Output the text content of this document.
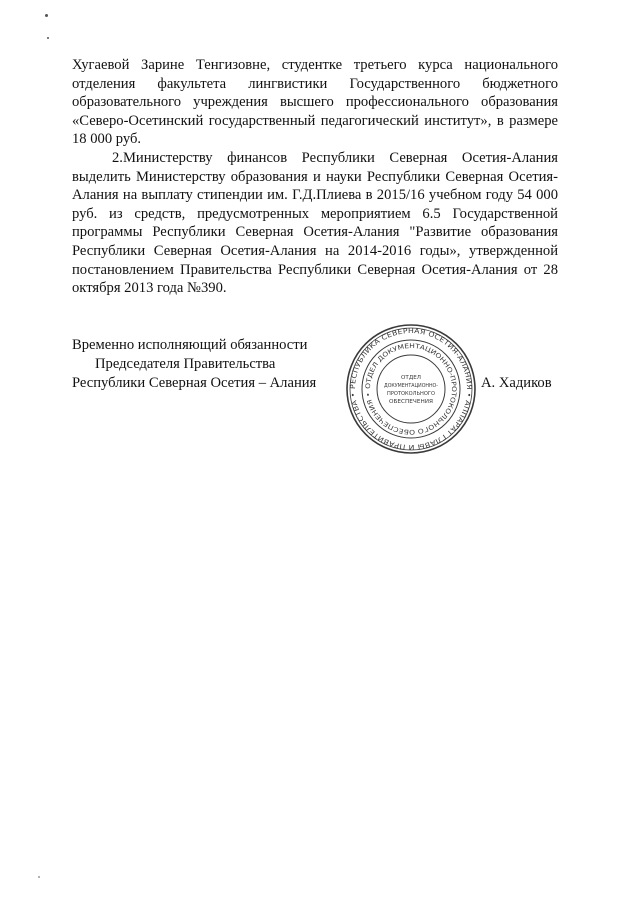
Хугаевой Зарине Тенгизовне, студентке третьего курса национального отделения факультета лингвистики Государственного бюджетного образовательного учреждения высшего профессионального образования «Северо-Осетинский государственный педагогический институт», в размере 18 000 руб.

2.Министерству финансов Республики Северная Осетия-Алания выделить Министерству образования и науки Республики Северная Осетия-Алания на выплату стипендии им. Г.Д.Плиева в 2015/16 учебном году 54 000 руб. из средств, предусмотренных мероприятием 6.5 Государственной программы Республики Северная Осетия-Алания "Развитие образования Республики Северная Осетия-Алания на 2014-2016 годы», утвержденной постановлением Правительства Республики Северная Осетия-Алания от 28 октября 2013 года №390.

Временно исполняющий обязанности
Председателя Правительства
Республики Северная Осетия – Алания	А. Хадиков
РЕСПУБЛИКА СЕВЕРНАЯ ОСЕТИЯ-АЛАНИЯ • АППАРАТ ГЛАВЫ И ПРАВИТЕЛЬСТВА •
ОТДЕЛ ДОКУМЕНТАЦИОННО-ПРОТОКОЛЬНОГО ОБЕСПЕЧЕНИЯ •
ОТДЕЛ
ДОКУМЕНТАЦИОННО-
ПРОТОКОЛЬНОГО
ОБЕСПЕЧЕНИЯ
